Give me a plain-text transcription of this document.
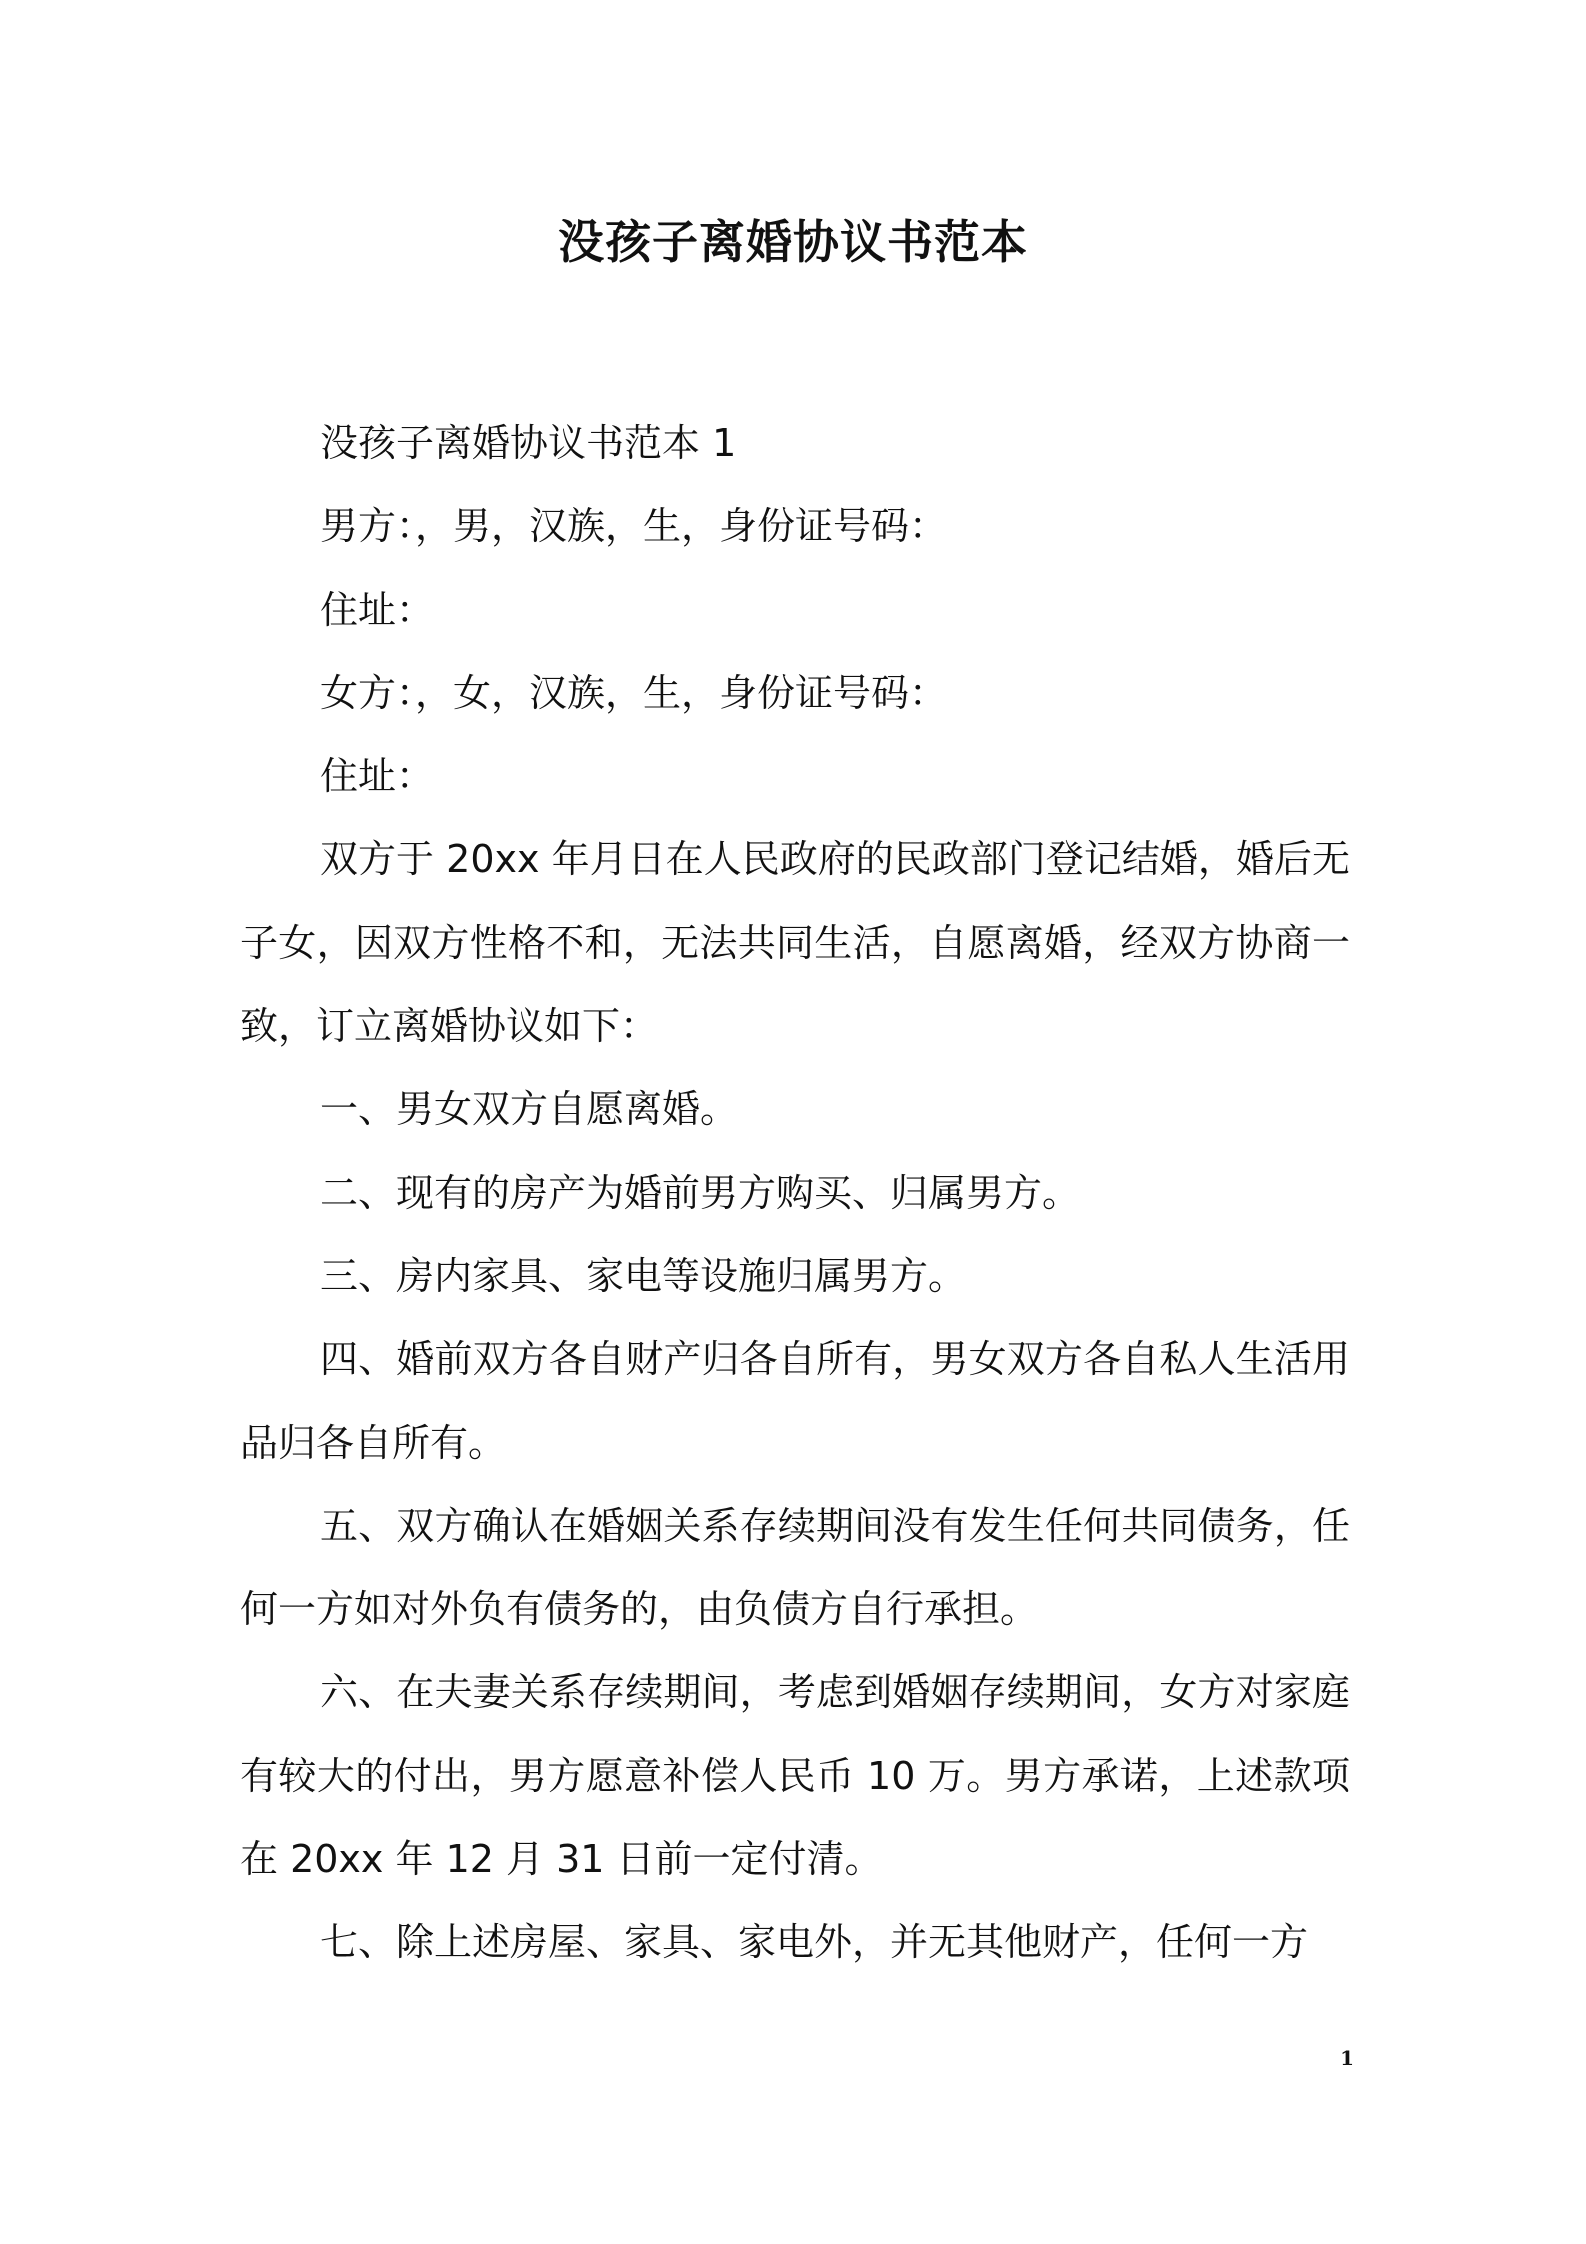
没孩子离婚协议书范本

没孩子离婚协议书范本 1

男方：，男，汉族，生，身份证号码：

住址：

女方：，女，汉族，生，身份证号码：

住址：

双方于 20xx 年月日在人民政府的民政部门登记结婚，婚后无子女，因双方性格不和，无法共同生活，自愿离婚，经双方协商一致，订立离婚协议如下：

一、男女双方自愿离婚。

二、现有的房产为婚前男方购买、归属男方。

三、房内家具、家电等设施归属男方。

四、婚前双方各自财产归各自所有，男女双方各自私人生活用品归各自所有。

五、双方确认在婚姻关系存续期间没有发生任何共同债务，任何一方如对外负有债务的，由负债方自行承担。

六、在夫妻关系存续期间，考虑到婚姻存续期间，女方对家庭有较大的付出，男方愿意补偿人民币 10 万。男方承诺，上述款项在 20xx 年 12 月 31 日前一定付清。

七、除上述房屋、家具、家电外，并无其他财产，任何一方

1
